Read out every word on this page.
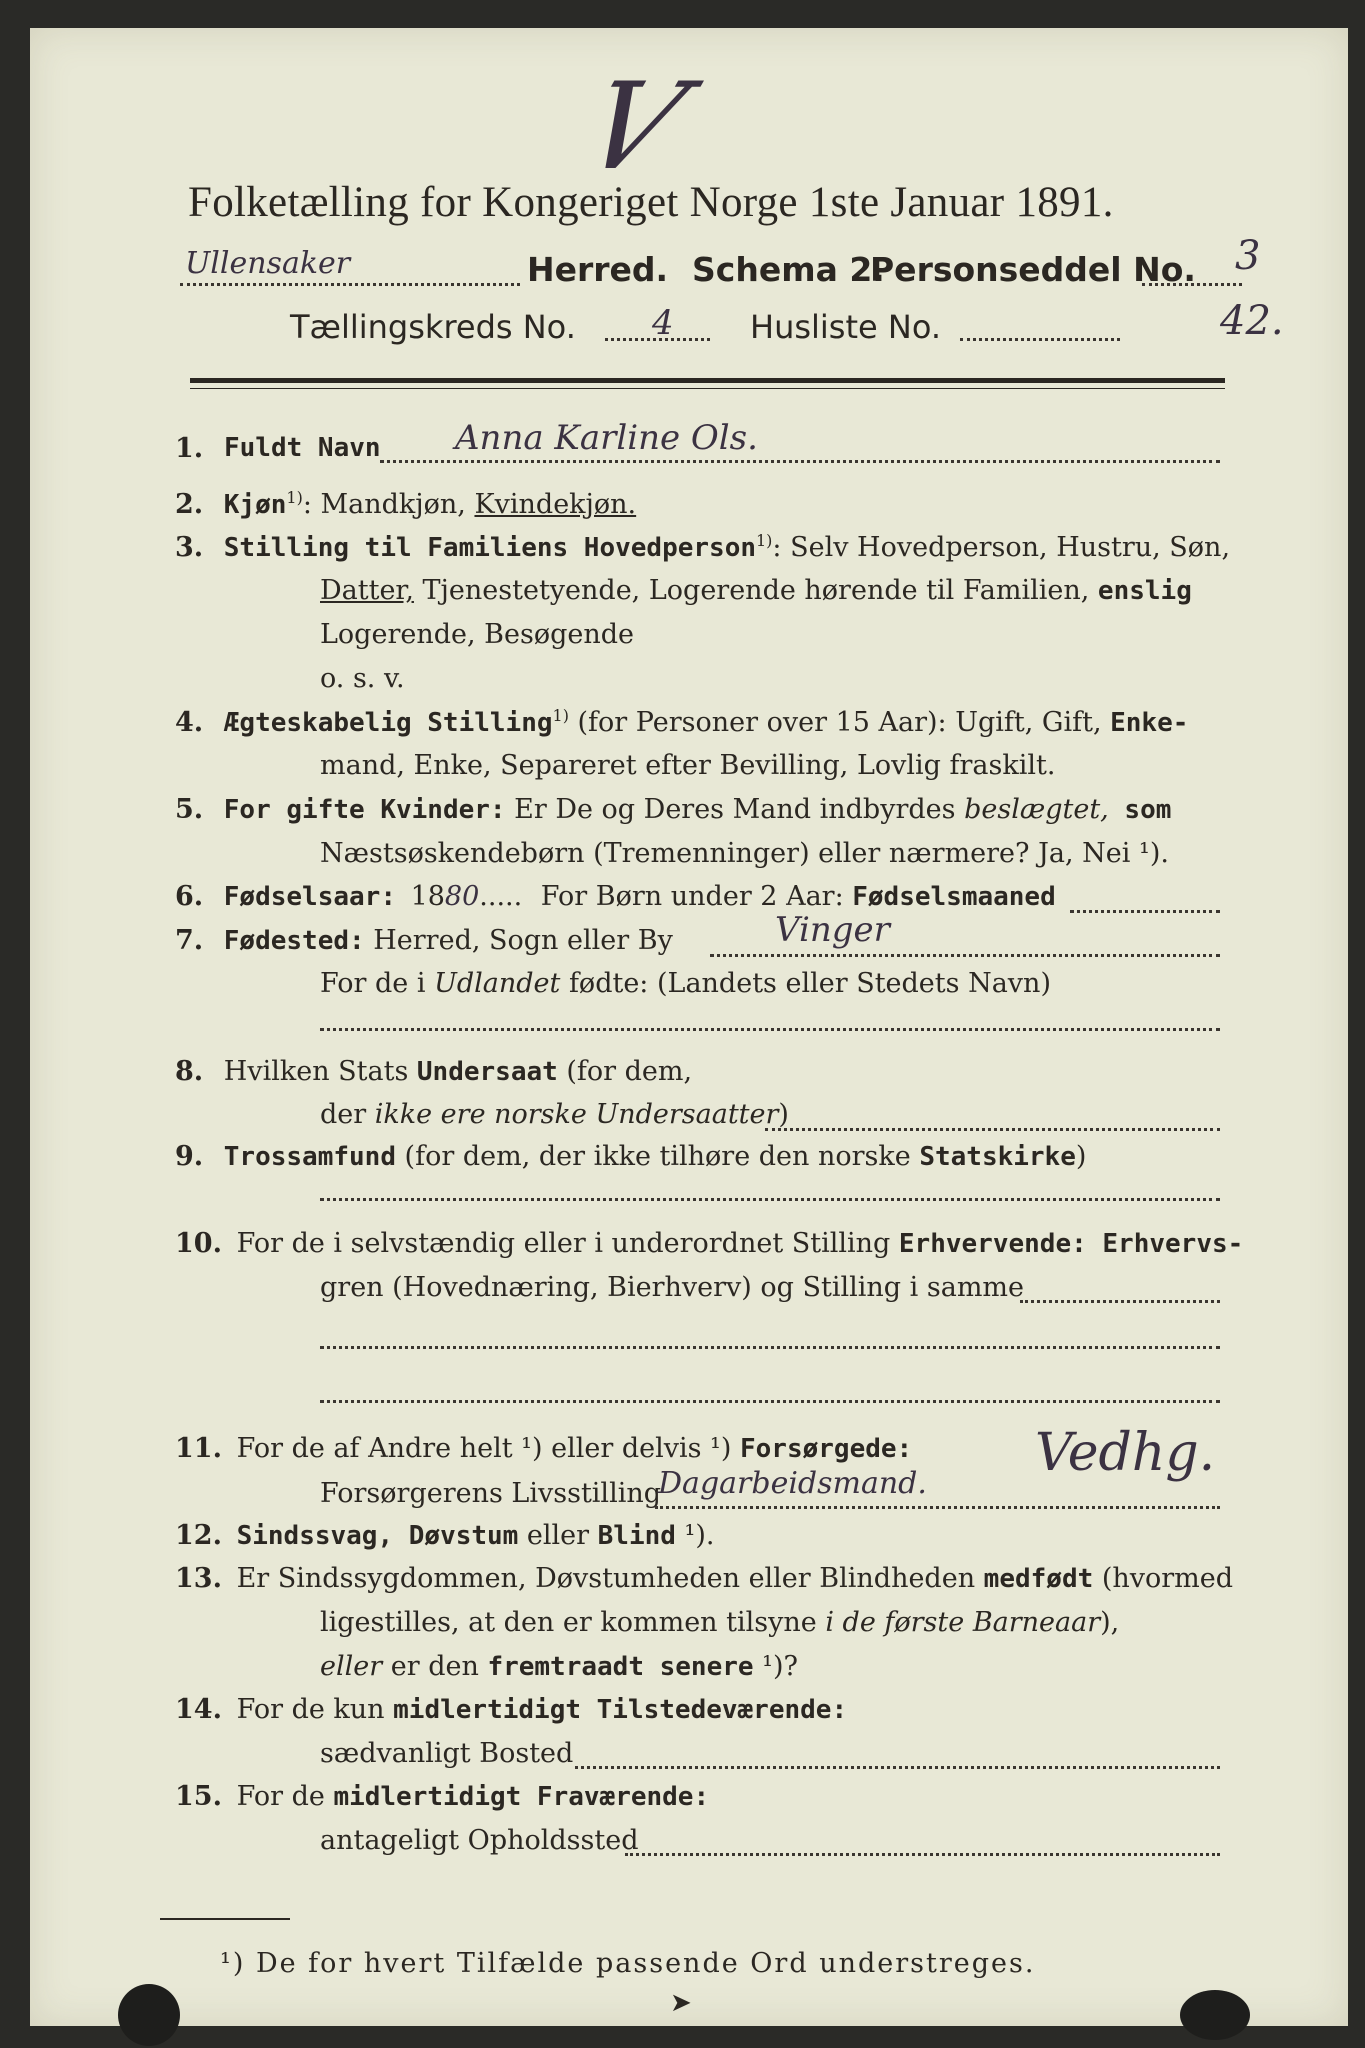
V
Folketælling for Kongeriget Norge 1ste Januar 1891.
Ullensaker	Herred. Schema 2.
Personseddel No. 3
Tællingskreds No. 4 Husliste No.	42.
1. Fuldt Navn Anna Karline Ols.
2. Kjøn$^{1)}$: Mandkjøn, Kvindekjøn.
3. Stilling til Familiens Hovedperson$^{1)}$: Selv Hovedperson, Hustru, Søn,
Datter, Tjenestetyende, Logerende hørende til Familien, enslig
Logerende, Besøgende
o. s. v.
4. Ægteskabelig Stilling$^{1)}$ (for Personer over 15 Aar): Ugift, Gift, Enke-
mand, Enke, Separeret efter Bevilling, Lovlig fraskilt.
5. For gifte Kvinder: Er De og Deres Mand indbyrdes beslægtet, som
Næstsøskendebørn (Tremenninger) eller nærmere? Ja, Nei ¹).
6. Fødselsaar: 1880..... For Børn under 2 Aar: Fødselsmaaned
7. Fødested: Herred, Sogn eller By	Vinger
For de i Udlandet fødte: (Landets eller Stedets Navn)
8. Hvilken Stats Undersaat (for dem,
der ikke ere norske Undersaatter)
9. Trossamfund (for dem, der ikke tilhøre den norske Statskirke)
10. For de i selvstændig eller i underordnet Stilling Erhvervende: Erhvervs-
gren (Hovednæring, Bierhverv) og Stilling i samme
11. For de af Andre helt ¹) eller delvis ¹) Forsørgede:
Forsørgerens Livsstilling
Dagarbeidsmand.
Vedhg.
12. Sindssvag, Døvstum eller Blind ¹).
13. Er Sindssygdommen, Døvstumheden eller Blindheden medfødt (hvormed
ligestilles, at den er kommen tilsyne i de første Barneaar),
eller er den fremtraadt senere ¹)?
14. For de kun midlertidigt Tilstedeværende:
sædvanligt Bosted
15. For de midlertidigt Fraværende:
antageligt Opholdssted
¹) De for hvert Tilfælde passende Ord understreges.
➤
